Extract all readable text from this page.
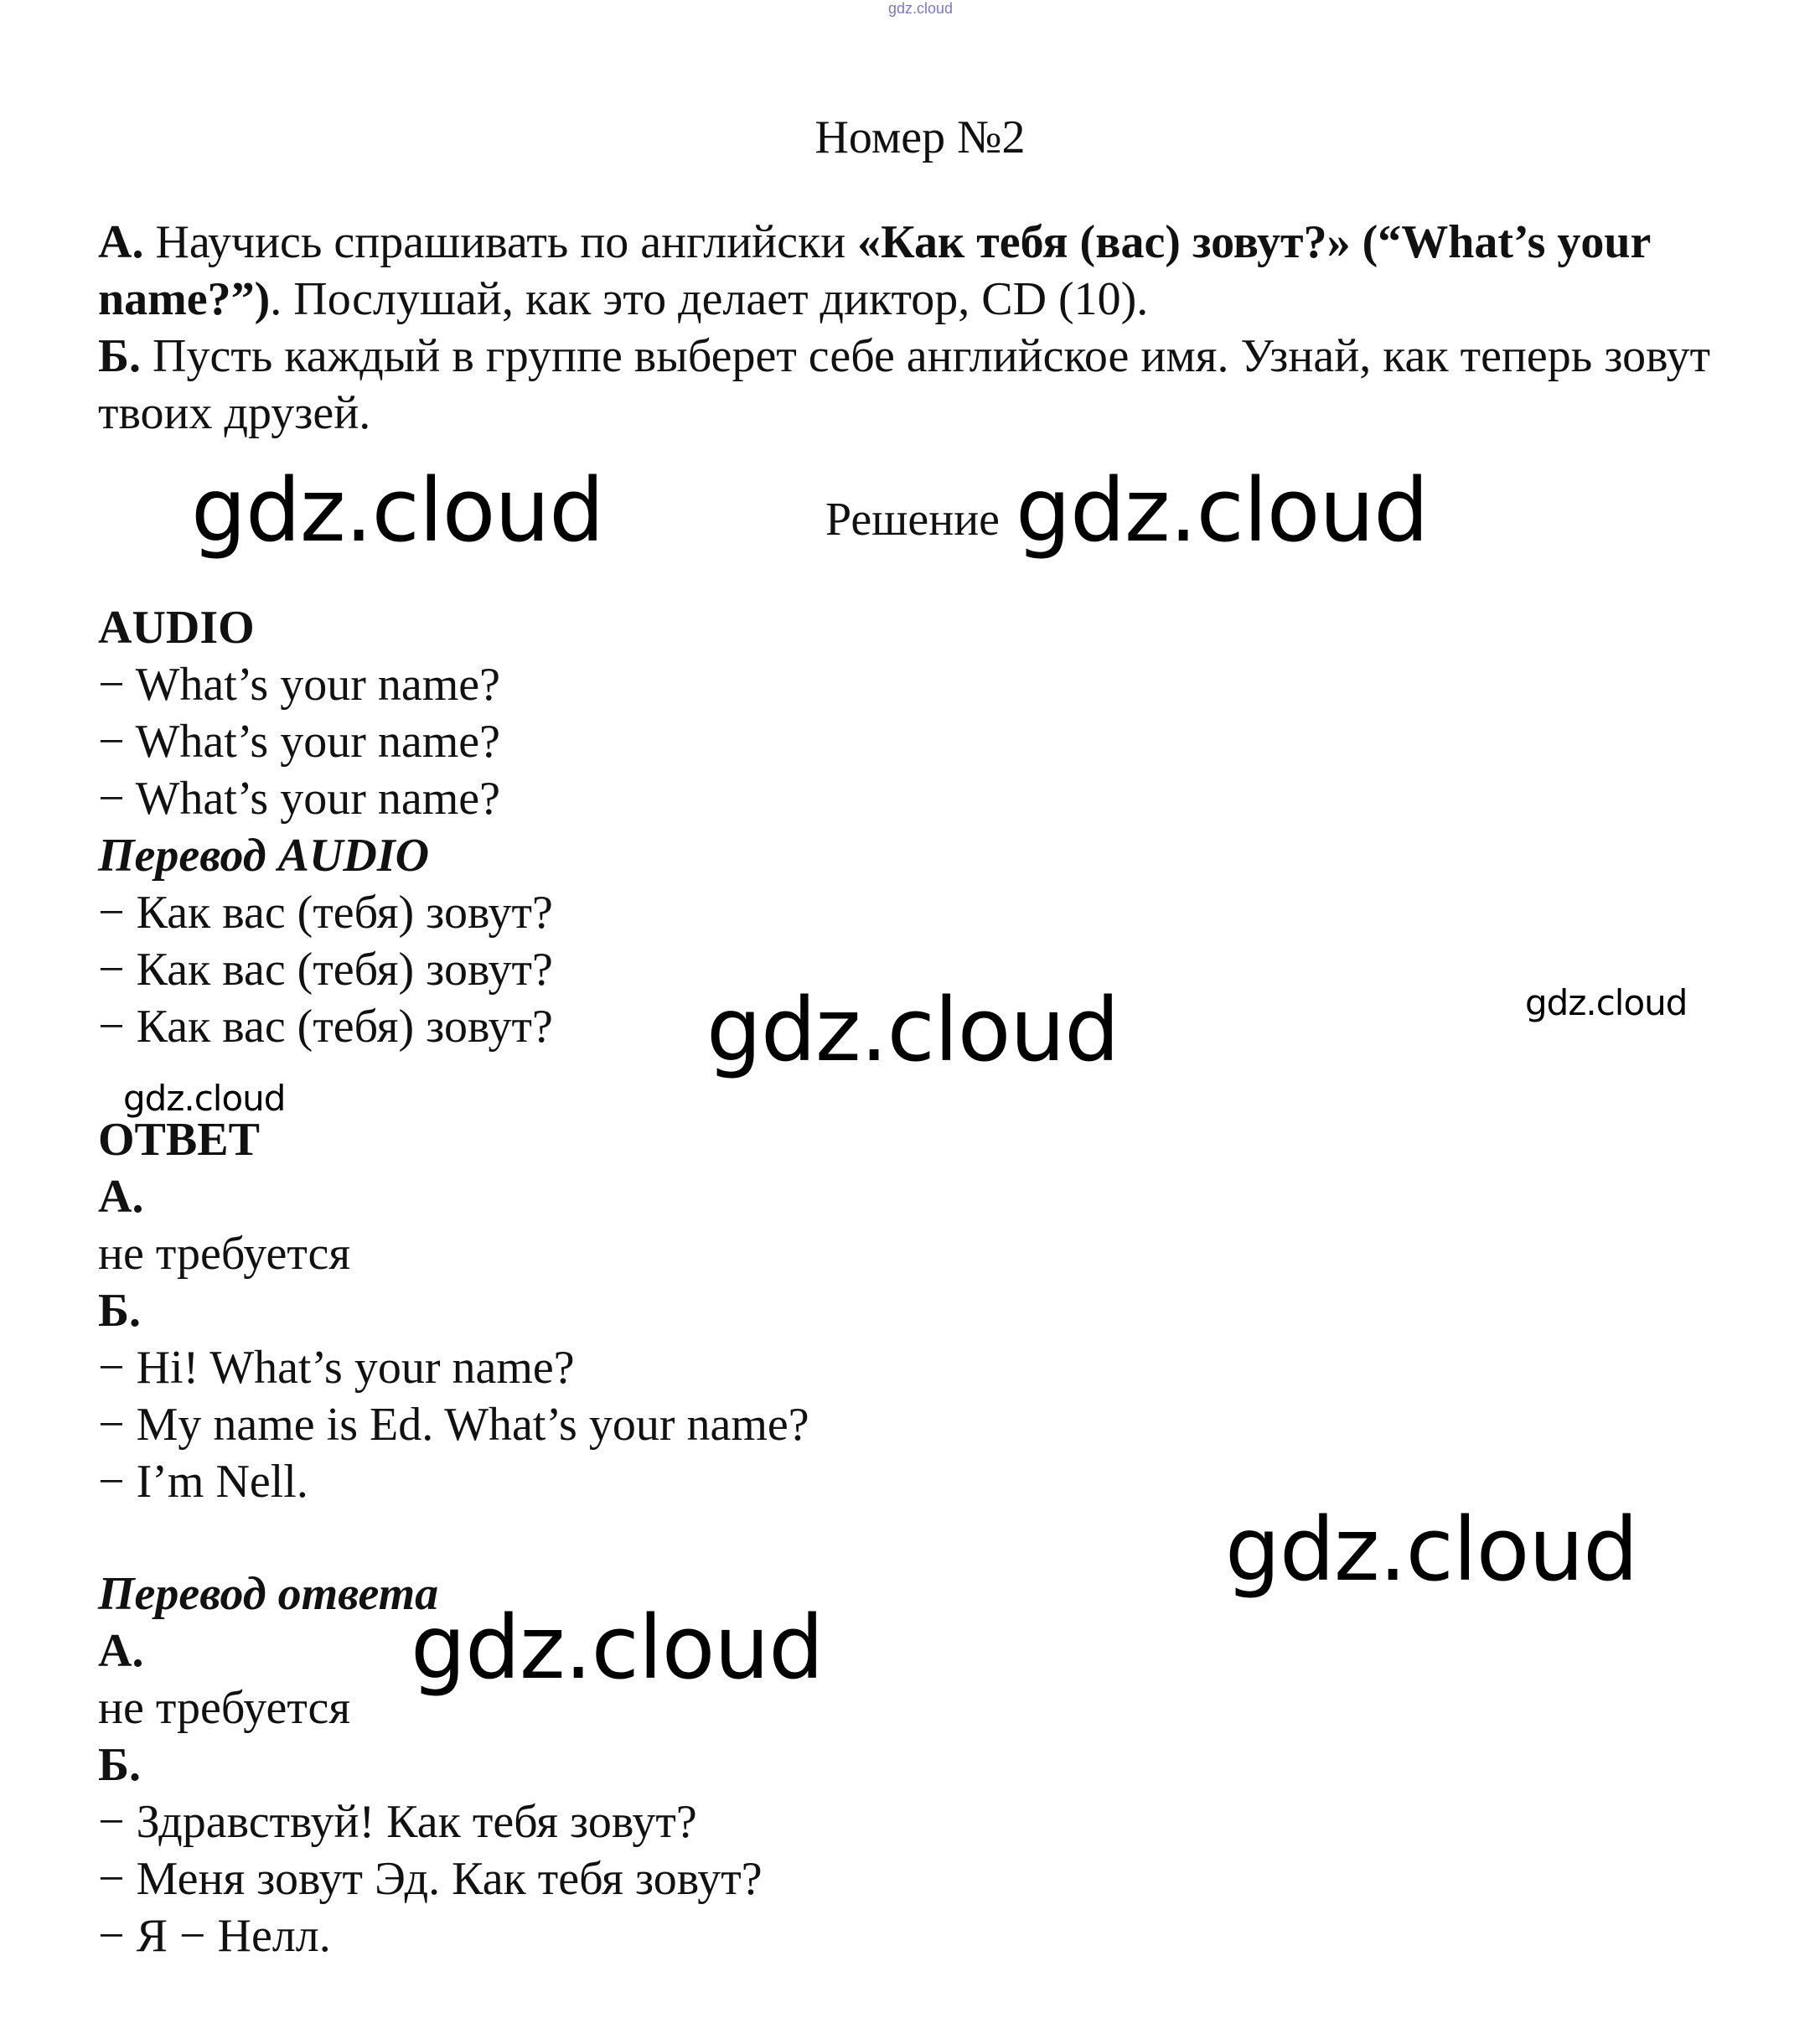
gdz.cloud
Номер №2

А. Научись спрашивать по английски «Как тебя (вас) зовут?» (“What’s your name?”). Послушай, как это делает диктор, CD (10).

Б. Пусть каждый в группе выберет себе английское имя. Узнай, как теперь зовут твоих друзей.

gdz.cloud	Решение gdz.cloud
AUDIO
− What’s your name?
− What’s your name?
− What’s your name?
Перевод AUDIO
− Как вас (тебя) зовут?
− Как вас (тебя) зовут?
− Как вас (тебя) зовут? gdz.cloud	gdz.cloud
gdz.cloud
ОТВЕТ
А.
не требуется
Б.
− Hi! What’s your name?
− My name is Ed. What’s your name?
− I’m Nell.
gdz.cloud
Перевод ответа
А.
не требуется
Б.
− Здравствуй! Как тебя зовут?
− Меня зовут Эд. Как тебя зовут?
− Я − Нелл.
gdz.cloud
